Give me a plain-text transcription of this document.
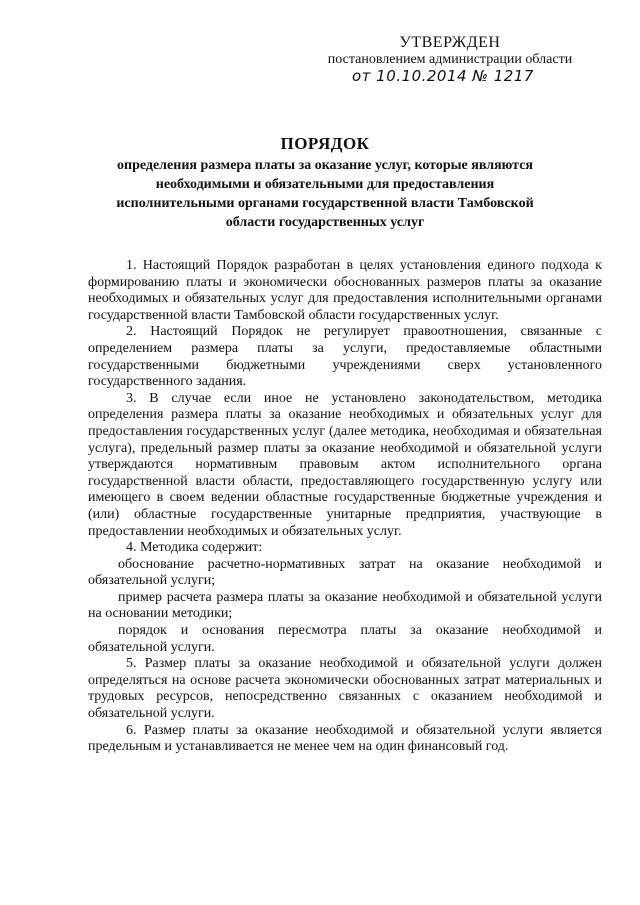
УТВЕРЖДЕН
постановлением администрации области
от 10.10.2014 № 1217
ПОРЯДОК
определения размера платы за оказание услуг, которые являются необходимыми и обязательными для предоставления исполнительными органами государственной власти Тамбовской области государственных услуг

1. Настоящий Порядок разработан в целях установления единого подхода к формированию платы и экономически обоснованных размеров платы за оказание необходимых и обязательных услуг для предоставления исполнительными органами государственной власти Тамбовской области государственных услуг.

2. Настоящий Порядок не регулирует правоотношения, связанные с определением размера платы за услуги, предоставляемые областными государственными бюджетными учреждениями сверх установленного государственного задания.

3. В случае если иное не установлено законодательством, методика определения размера платы за оказание необходимых и обязательных услуг для предоставления государственных услуг (далее методика, необходимая и обязательная услуга), предельный размер платы за оказание необходимой и обязательной услуги утверждаются нормативным правовым актом исполнительного органа государственной власти области, предоставляющего государственную услугу или имеющего в своем ведении областные государственные бюджетные учреждения и (или) областные государственные унитарные предприятия, участвующие в предоставлении необходимых и обязательных услуг.

4. Методика содержит:

обоснование расчетно-нормативных затрат на оказание необходимой и обязательной услуги;

пример расчета размера платы за оказание необходимой и обязательной услуги на основании методики;

порядок и основания пересмотра платы за оказание необходимой и обязательной услуги.

5. Размер платы за оказание необходимой и обязательной услуги должен определяться на основе расчета экономически обоснованных затрат материальных и трудовых ресурсов, непосредственно связанных с оказанием необходимой и обязательной услуги.

6. Размер платы за оказание необходимой и обязательной услуги является предельным и устанавливается не менее чем на один финансовый год.
